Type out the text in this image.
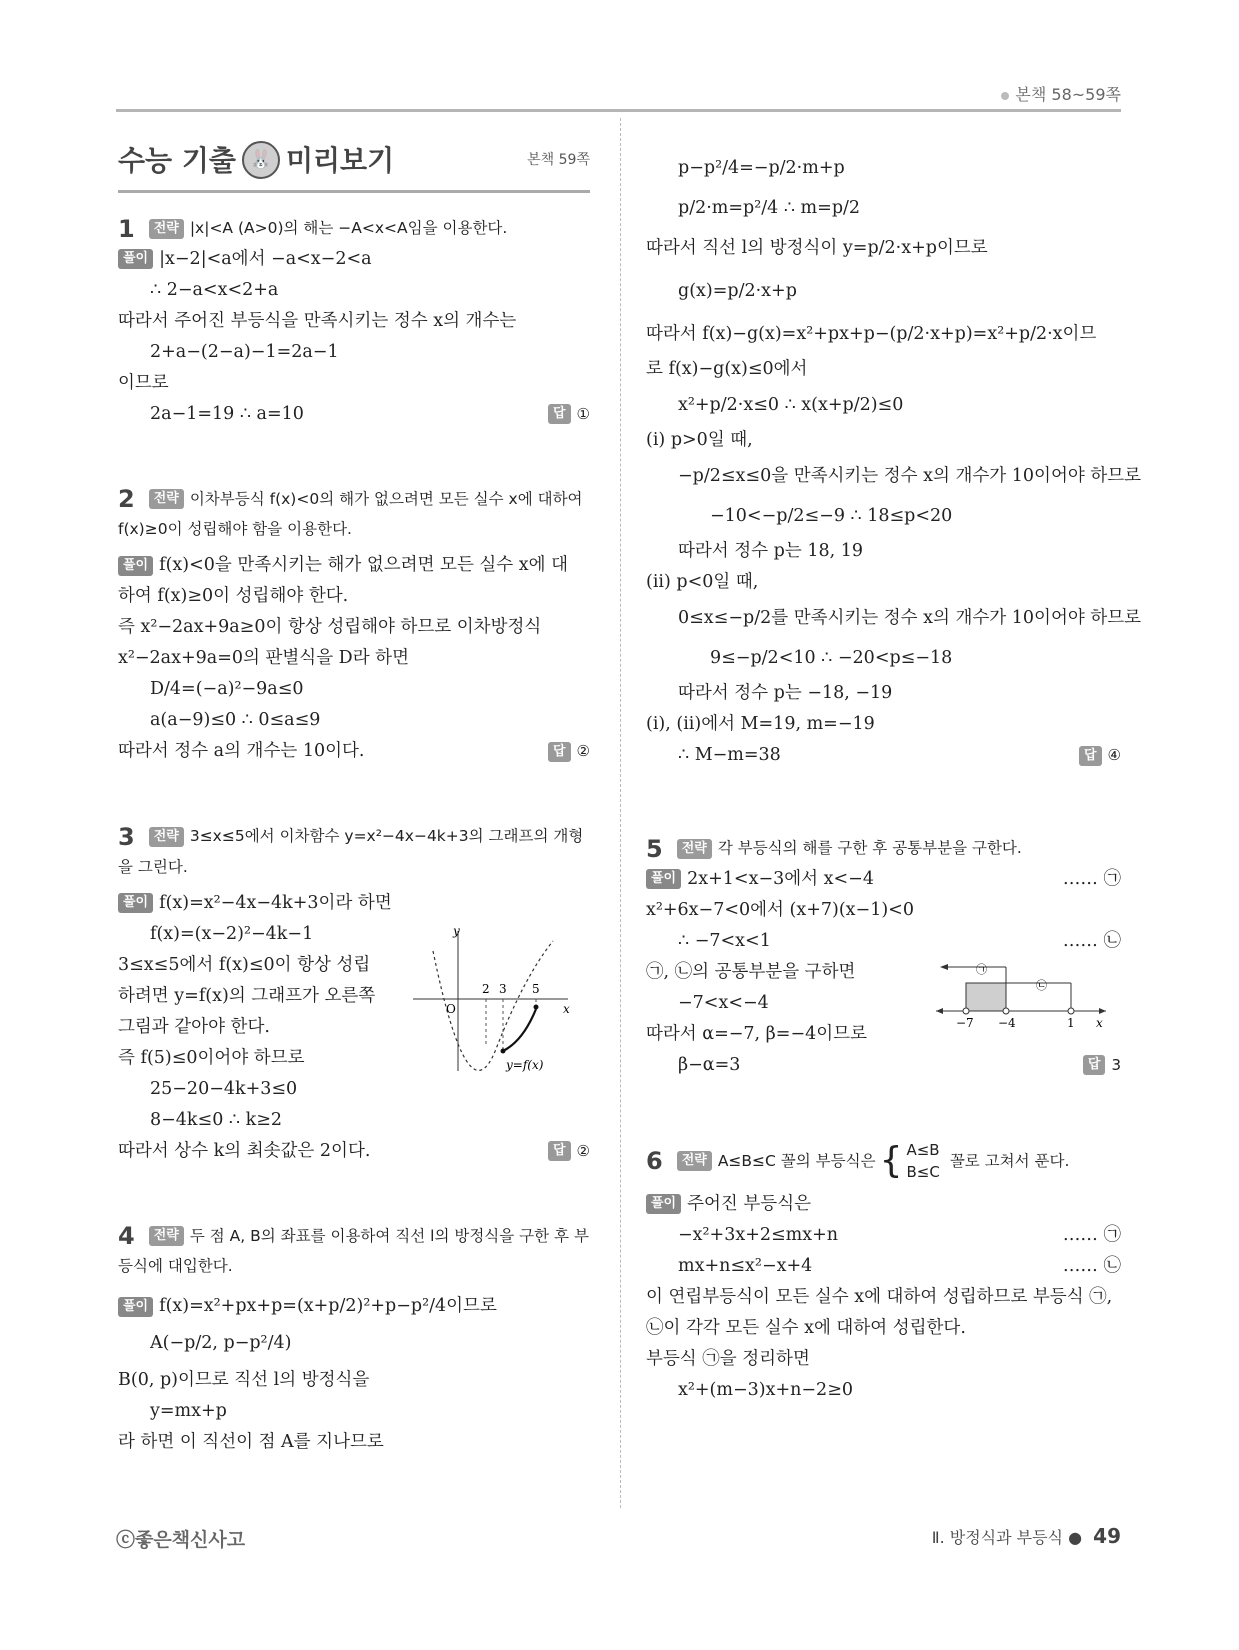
본책 58~59쪽
수능 기출 🐰 미리보기	본책 59쪽
1 전략 |x|<A (A>0)의 해는 −A<x<A임을 이용한다.
풀이 |x−2|<a에서 −a<x−2<a
∴ 2−a<x<2+a
따라서 주어진 부등식을 만족시키는 정수 x의 개수는
2+a−(2−a)−1=2a−1
이므로
2a−1=19 ∴ a=10	답 ①
2 전략 이차부등식 f(x)<0의 해가 없으려면 모든 실수 x에 대하여 f(x)≥0이 성립해야 함을 이용한다.
풀이 f(x)<0을 만족시키는 해가 없으려면 모든 실수 x에 대
하여 f(x)≥0이 성립해야 한다.
즉 x²−2ax+9a≥0이 항상 성립해야 하므로 이차방정식
x²−2ax+9a=0의 판별식을 D라 하면
D/4=(−a)²−9a≤0
a(a−9)≤0 ∴ 0≤a≤9
따라서 정수 a의 개수는 10이다.	답 ②
3 전략 3≤x≤5에서 이차함수 y=x²−4x−4k+3의 그래프의 개형을 그린다.
풀이 f(x)=x²−4x−4k+3이라 하면
f(x)=(x−2)²−4k−1
3≤x≤5에서 f(x)≤0이 항상 성립
하려면 y=f(x)의 그래프가 오른쪽
그림과 같아야 한다.
즉 f(5)≤0이어야 하므로
25−20−4k+3≤0
8−4k≤0 ∴ k≥2
따라서 상수 k의 최솟값은 2이다.	답 ②
y
x
O
2 3 5
y=f(x)
4 전략 두 점 A, B의 좌표를 이용하여 직선 l의 방정식을 구한 후 부등식에 대입한다.
풀이 f(x)=x²+px+p=(x+p/2)²+p−p²/4이므로
A(−p/2, p−p²/4)
B(0, p)이므로 직선 l의 방정식을
y=mx+p
라 하면 이 직선이 점 A를 지나므로
p−p²/4=−p/2·m+p
p/2·m=p²/4 ∴ m=p/2
따라서 직선 l의 방정식이 y=p/2·x+p이므로
g(x)=p/2·x+p
따라서 f(x)−g(x)=x²+px+p−(p/2·x+p)=x²+p/2·x이므
로 f(x)−g(x)≤0에서
x²+p/2·x≤0 ∴ x(x+p/2)≤0
(i) p>0일 때,
−p/2≤x≤0을 만족시키는 정수 x의 개수가 10이어야 하므로
−10<−p/2≤−9 ∴ 18≤p<20
따라서 정수 p는 18, 19
(ii) p<0일 때,
0≤x≤−p/2를 만족시키는 정수 x의 개수가 10이어야 하므로
9≤−p/2<10 ∴ −20<p≤−18
따라서 정수 p는 −18, −19
(i), (ii)에서 M=19, m=−19
∴ M−m=38	답 ④
5 전략 각 부등식의 해를 구한 후 공통부분을 구한다.
풀이 2x+1<x−3에서 x<−4	…… ㉠
x²+6x−7<0에서 (x+7)(x−1)<0
∴ −7<x<1	…… ㉡
㉠, ㉡의 공통부분을 구하면
−7<x<−4
따라서 α=−7, β=−4이므로
β−α=3	답 3
㉠
㉡
−7 −4	1 x
6	전략 A≤B≤C 꼴의 부등식은 { A≤B
B≤C
꼴로 고쳐서 푼다.
풀이 주어진 부등식은
−x²+3x+2≤mx+n	…… ㉠
mx+n≤x²−x+4	…… ㉡
이 연립부등식이 모든 실수 x에 대하여 성립하므로 부등식 ㉠,
㉡이 각각 모든 실수 x에 대하여 성립한다.
부등식 ㉠을 정리하면
x²+(m−3)x+n−2≥0
ⓒ좋은책신사고	Ⅱ. 방정식과 부등식 ● 49
